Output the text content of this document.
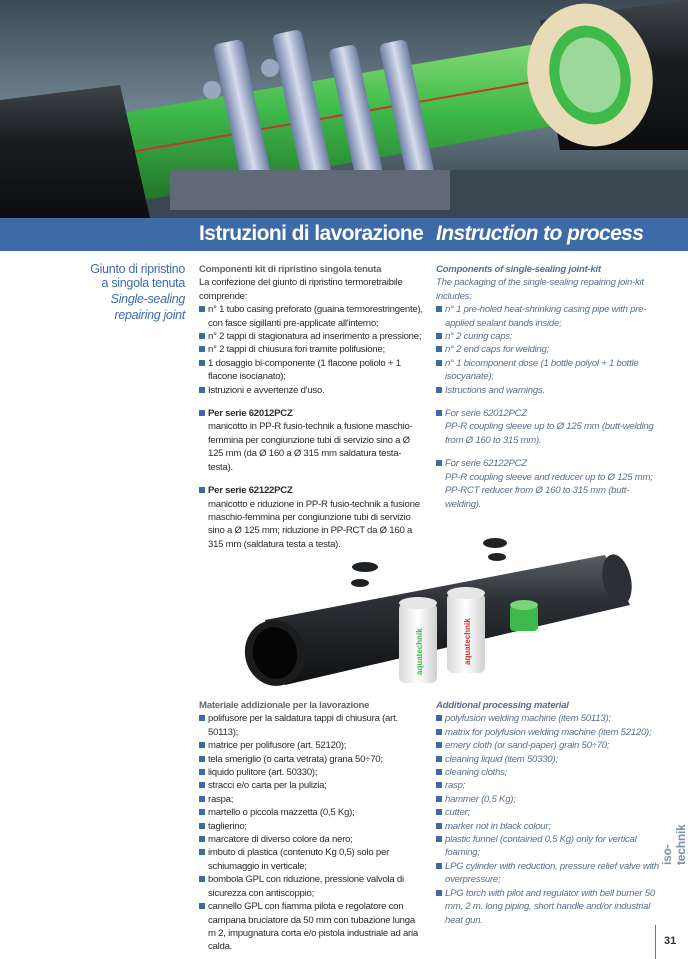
Istruzioni di lavorazione Instruction to process
Giunto di ripristino
a singola tenuta
Single-sealing
repairing joint
Componenti kit di ripristino singola tenuta
La confezione del giunto di ripristino termoretraibile comprende:
n° 1 tubo casing preforato (guaina termorestringente), con fasce sigillanti pre-applicate all'interno;
n° 2 tappi di stagionatura ad inserimento a pressione;
n° 2 tappi di chiusura fori tramite polifusione;
1 dosaggio bi-componente (1 flacone poliolo + 1 flacone isocianato);
Istruzioni e avvertenze d'uso.
Per serie 62012PCZ
manicotto in PP-R fusio-technik a fusione maschio-femmina per congiunzione tubi di servizio sino a Ø 125 mm (da Ø 160 a Ø 315 mm saldatura testa-testa).
Per serie 62122PCZ
manicotto e riduzione in PP-R fusio-technik a fusione maschio-femmina per congiunzione tubi di servizio sino a Ø 125 mm; riduzione in PP-RCT da Ø 160 a 315 mm (saldatura testa a testa).
Components of single-sealing joint-kit
The packaging of the single-sealing repairing join-kit includes:
n° 1 pre-holed heat-shrinking casing pipe with pre-applied sealant bands inside;
n° 2 curing caps;
n° 2 end caps for welding;
n° 1 bicomponent dose (1 bottle polyol + 1 bottle isocyanate);
Istructions and warnings.
For serie 62012PCZ
PP-R coupling sleeve up to Ø 125 mm (butt-welding from Ø 160 to 315 mm).
For serie 62122PCZ
PP-R coupling sleeve and reducer up to Ø 125 mm; PP-RCT reducer from Ø 160 to 315 mm (butt-welding).
aquatechnik	aquatechnik
Materiale addizionale per la lavorazione
polifusore per la saldatura tappi di chiusura (art. 50113);
matrice per polifusore (art. 52120);
tela smeriglio (o carta vetrata) grana 50÷70;
liquido pulitore (art. 50330);
stracci e/o carta per la pulizia;
raspa;
martello o piccola mazzetta (0,5 Kg);
taglierino;
marcatore di diverso colore da nero;
imbuto di plastica (contenuto Kg 0,5) solo per schiumaggio in verticale;
bombola GPL con riduzione, pressione valvola di sicurezza con antiscoppio;
cannello GPL con fiamma pilota e regolatore con campana bruciatore da 50 mm con tubazione lunga m 2, impugnatura corta e/o pistola industriale ad aria calda.
Additional processing material
polyfusion welding machine (item 50113);
matrix for polyfusion welding machine (item 52120);
emery cloth (or sand-paper) grain 50÷70;
cleaning liquid (item 50330);
cleaning cloths;
rasp;
hammer (0,5 Kg);
cutter;
marker not in black colour;
plastic funnel (contained 0,5 Kg) only for vertical foaming;
LPG cylinder with reduction, pressure relief valve with overpressure;
LPG torch with pilot and regulator with bell burner 50 mm, 2 m. long piping, short handle and/or industrial heat gun.
iso-technik
31
